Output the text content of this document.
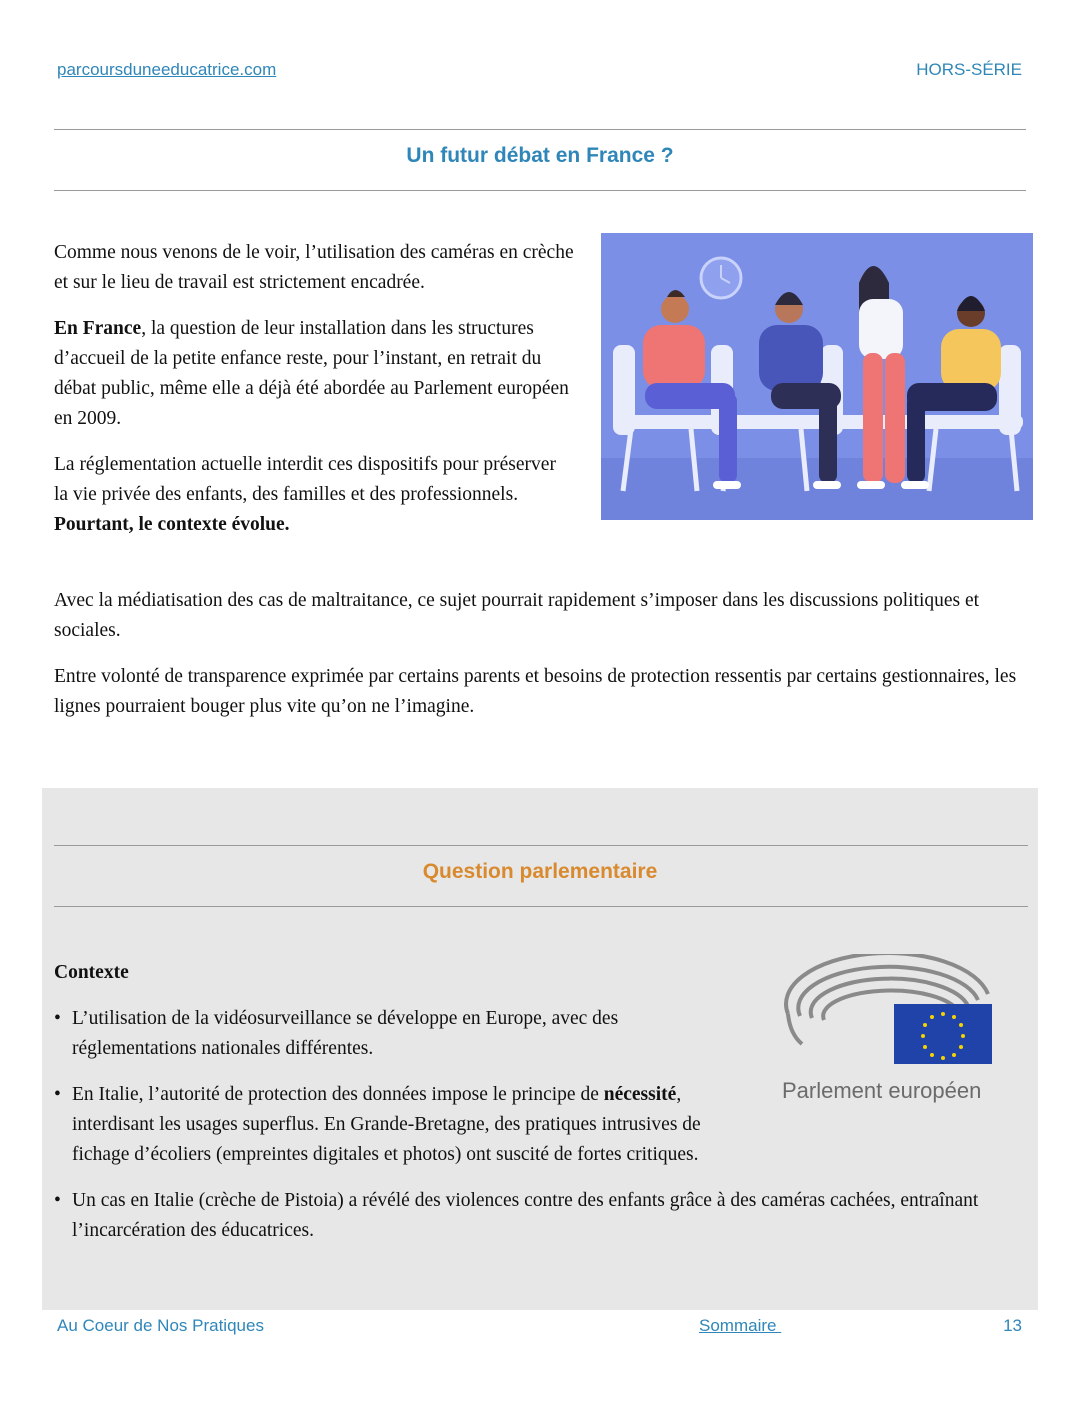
parcoursduneeducatrice.com	HORS-SÉRIE
Un futur débat en France ?

Comme nous venons de le voir, l’utilisation des caméras en crèche et sur le lieu de travail est strictement encadrée.

En France, la question de leur installation dans les structures d’accueil de la petite enfance reste, pour l’instant, en retrait du débat public, même elle a déjà été abordée au Parlement européen en 2009.

La réglementation actuelle interdit ces dispositifs pour préserver la vie privée des enfants, des familles et des professionnels. Pourtant, le contexte évolue.

Avec la médiatisation des cas de maltraitance, ce sujet pourrait rapidement s’imposer dans les discussions politiques et sociales.

Entre volonté de transparence exprimée par certains parents et besoins de protection ressentis par certains gestionnaires, les lignes pourraient bouger plus vite qu’on ne l’imagine.

Question parlementaire
Contexte
Parlement européen
• L’utilisation de la vidéosurveillance se développe en Europe, avec des réglementations nationales différentes.
• En Italie, l’autorité de protection des données impose le principe de nécessité, interdisant les usages superflus. En Grande-Bretagne, des pratiques intrusives de fichage d’écoliers (empreintes digitales et photos) ont suscité de fortes critiques.
• Un cas en Italie (crèche de Pistoia) a révélé des violences contre des enfants grâce à des caméras cachées, entraînant l’incarcération des éducatrices.
Au Coeur de Nos Pratiques	Sommaire	13
